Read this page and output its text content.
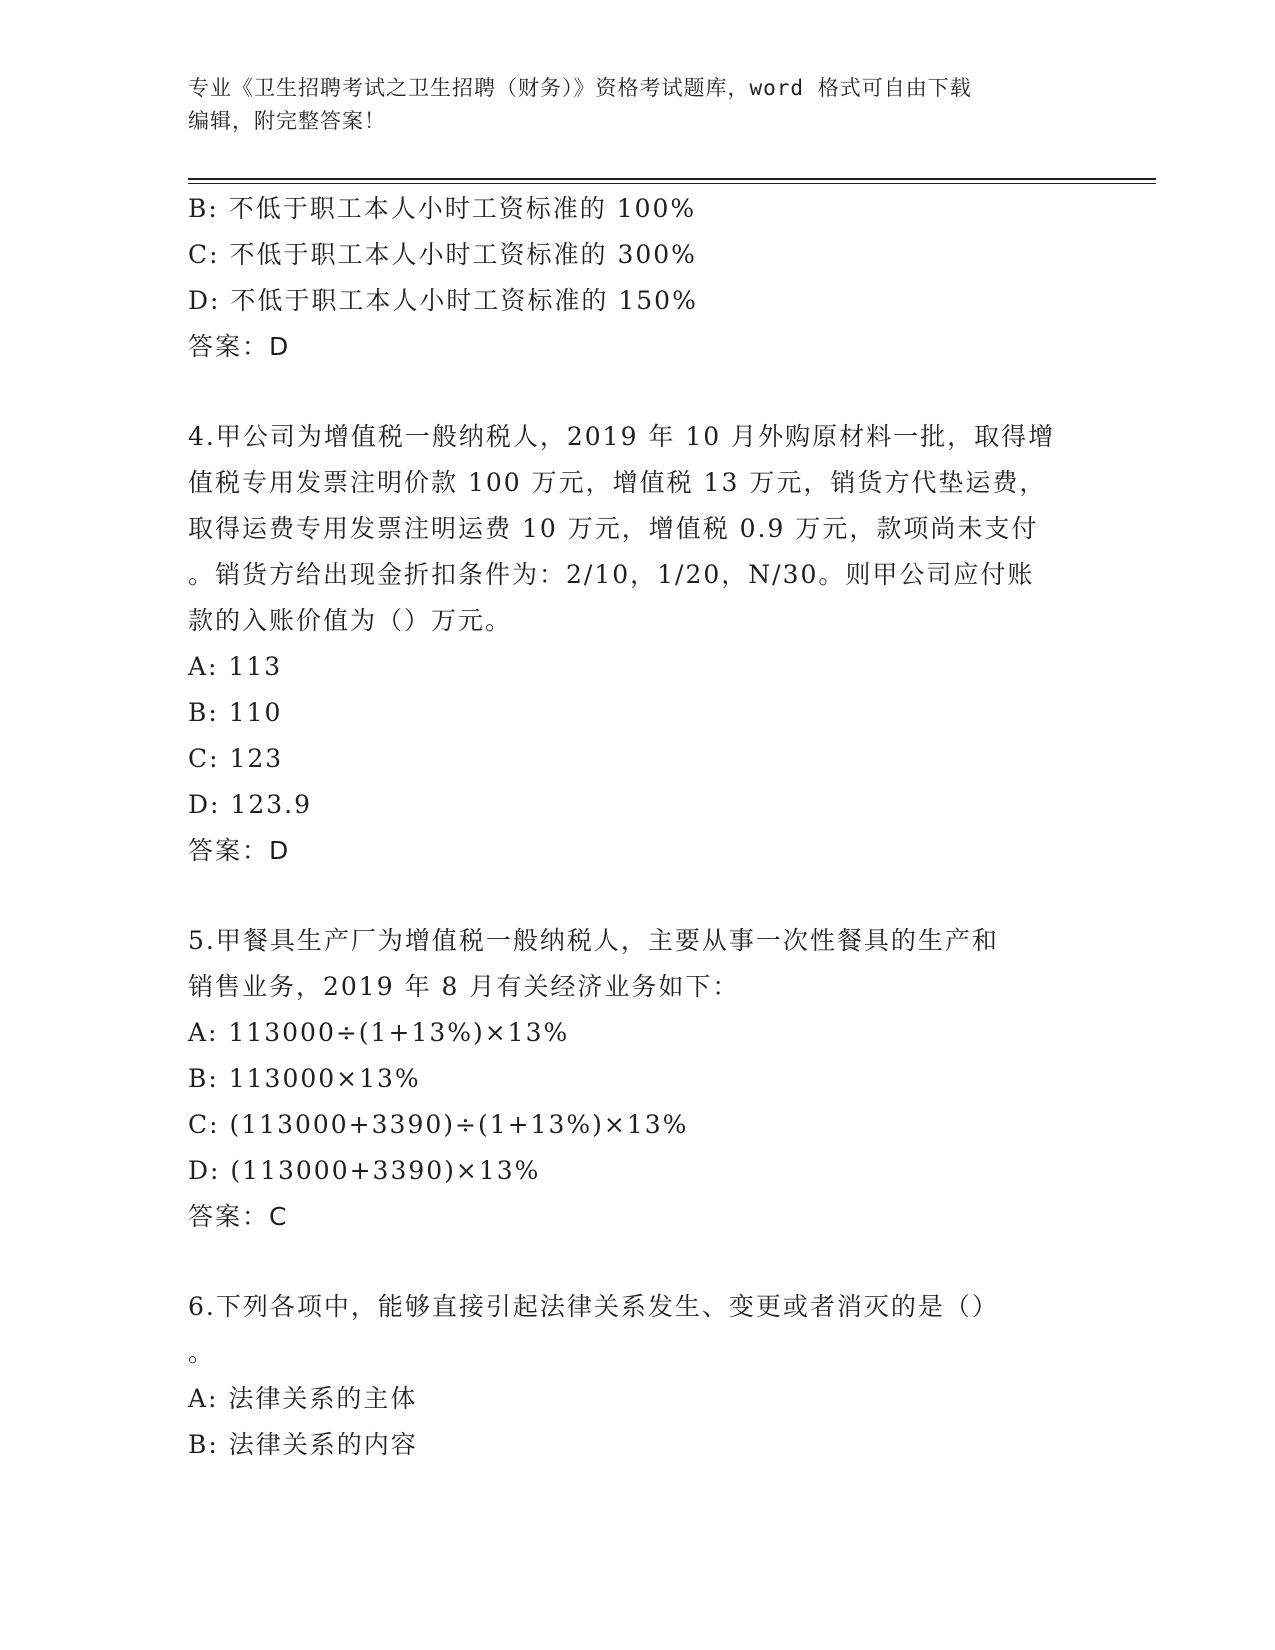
专业《卫生招聘考试之卫生招聘（财务）》资格考试题库，word 格式可自由下载
编辑，附完整答案！
B: 不低于职工本人小时工资标准的 100%
C: 不低于职工本人小时工资标准的 300%
D: 不低于职工本人小时工资标准的 150%
答案：D
4.甲公司为增值税一般纳税人，2019 年 10 月外购原材料一批，取得增
值税专用发票注明价款 100 万元，增值税 13 万元，销货方代垫运费，
取得运费专用发票注明运费 10 万元，增值税 0.9 万元，款项尚未支付
。销货方给出现金折扣条件为：2/10，1/20，N/30。则甲公司应付账
款的入账价值为（）万元。
A: 113
B: 110
C: 123
D: 123.9
答案：D
5.甲餐具生产厂为增值税一般纳税人，主要从事一次性餐具的生产和
销售业务，2019 年 8 月有关经济业务如下：
A: 113000÷(1+13%)×13%
B: 113000×13%
C: (113000+3390)÷(1+13%)×13%
D: (113000+3390)×13%
答案：C
6.下列各项中，能够直接引起法律关系发生、变更或者消灭的是（）
。
A: 法律关系的主体
B: 法律关系的内容
